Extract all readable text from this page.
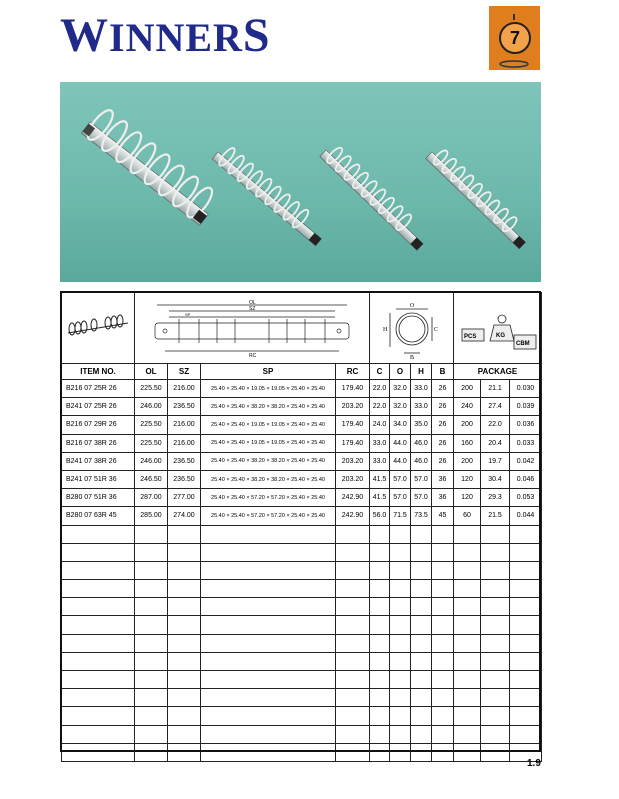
WINNERS	7

OL
SZ
SP
RC				O
C
H
B				PCS KG
CBM		

ITEM NO.	OL	SZ	SP	RC	C	O	H	B	PACKAGE		
B216 07 25R 26	225.50	216.00	25.40 × 25.40 × 19.05 × 19.05 × 25.40 × 25.40	179.40	22.0	32.0	33.0	26	200	21.1	0.030
B241 07 25R 26	246.00	236.50	25.40 × 25.40 × 38.20 × 38.20 × 25.40 × 25.40	203.20	22.0	32.0	33.0	26	240	27.4	0.039
B216 07 29R 26	225.50	216.00	25.40 × 25.40 × 19.05 × 19.05 × 25.40 × 25.40	179.40	24.0	34.0	35.0	26	200	22.0	0.036
B216 07 38R 26	225.50	216.00	25.40 × 25.40 × 19.05 × 19.05 × 25.40 × 25.40	179.40	33.0	44.0	46.0	26	160	20.4	0.033
B241 07 38R 26	246.00	236.50	25.40 × 25.40 × 38.20 × 38.20 × 25.40 × 25.40	203.20	33.0	44.0	46.0	26	200	19.7	0.042
B241 07 51R 36	246.50	236.50	25.40 × 25.40 × 38.20 × 38.20 × 25.40 × 25.40	203.20	41.5	57.0	57.0	36	120	30.4	0.046
B280 07 51R 36	287.00	277.00	25.40 × 25.40 × 57.20 × 57.20 × 25.40 × 25.40	242.90	41.5	57.0	57.0	36	120	29.3	0.053
B280 07 63R 45	285.00	274.00	25.40 × 25.40 × 57.20 × 57.20 × 25.40 × 25.40	242.90	56.0	71.5	73.5	45	60	21.5	0.044

1.9
